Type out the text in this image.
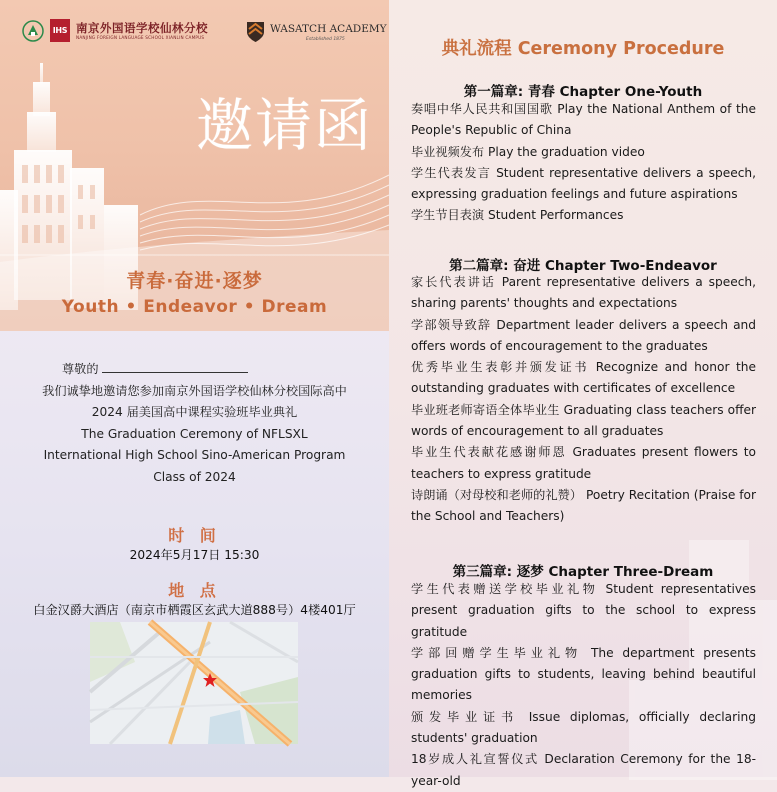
IHS 南京外国语学校仙林分校
NANJING FOREIGN LANGUAGE SCHOOL XIANLIN CAMPUS
WASATCH ACADEMY
Established 1875
邀请函
青春·奋进·逐梦
Youth • Endeavor • Dream
尊敬的
我们诚挚地邀请您参加南京外国语学校仙林分校国际高中
2024 届美国高中课程实验班毕业典礼
The Graduation Ceremony of NFLSXL
International High School Sino-American Program
Class of 2024
时 间
2024年5月17日 15:30
地 点
白金汉爵大酒店（南京市栖霞区玄武大道888号）4楼401厅
典礼流程 Ceremony Procedure
第一篇章: 青春 Chapter One-Youth

奏唱中华人民共和国国歌 Play the National Anthem of the People's Republic of China

毕业视频发布 Play the graduation video

学生代表发言 Student representative delivers a speech, expressing graduation feelings and future aspirations

学生节目表演 Student Performances

第二篇章: 奋进 Chapter Two-Endeavor

家长代表讲话 Parent representative delivers a speech, sharing parents' thoughts and expectations

学部领导致辞 Department leader delivers a speech and offers words of encouragement to the graduates

优秀毕业生表彰并颁发证书 Recognize and honor the outstanding graduates with certificates of excellence

毕业班老师寄语全体毕业生 Graduating class teachers offer words of encouragement to all graduates

毕业生代表献花感谢师恩 Graduates present flowers to teachers to express gratitude

诗朗诵（对母校和老师的礼赞） Poetry Recitation (Praise for the School and Teachers)

第三篇章: 逐梦 Chapter Three-Dream

学生代表赠送学校毕业礼物 Student representatives present graduation gifts to the school to express gratitude

学部回赠学生毕业礼物 The department presents graduation gifts to students, leaving behind beautiful memories

颁发毕业证书 Issue diplomas, officially declaring students' graduation

18岁成人礼宣誓仪式 Declaration Ceremony for the 18-year-old
